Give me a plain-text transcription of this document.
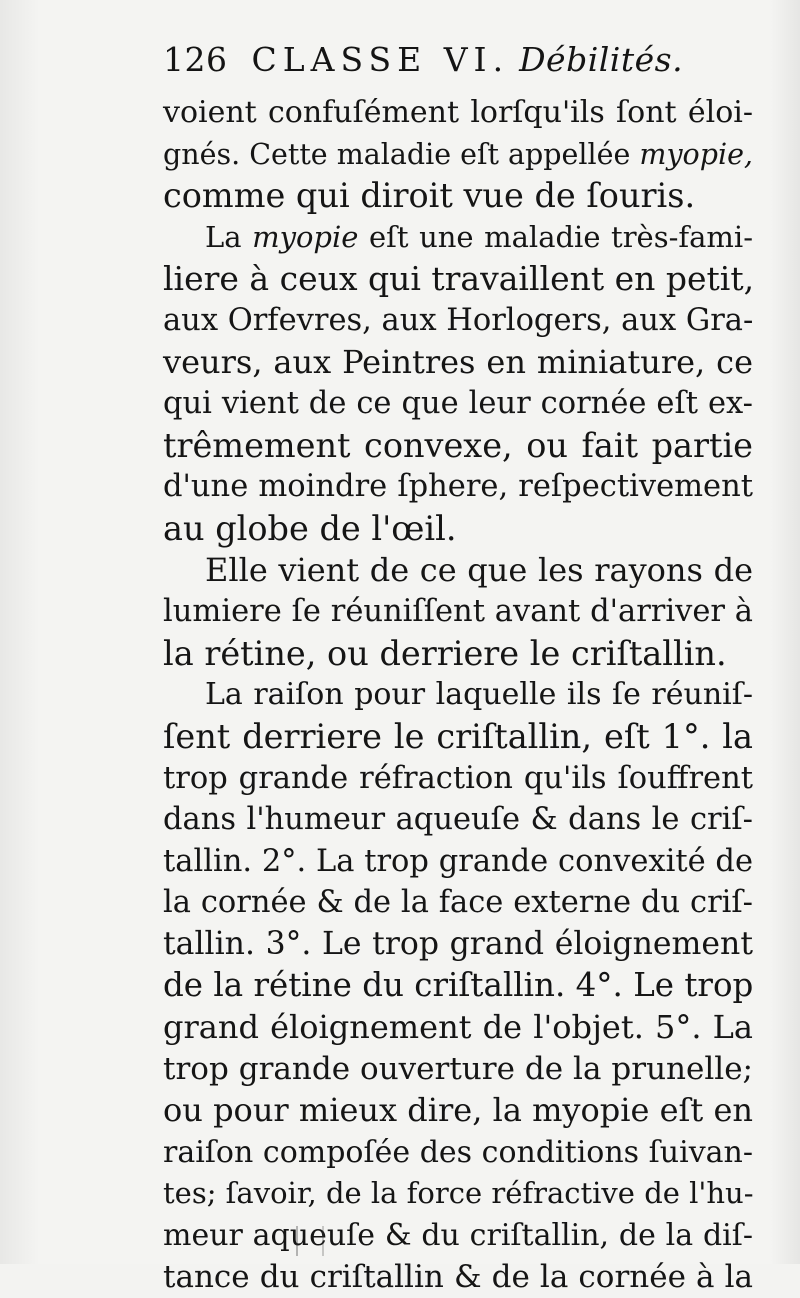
126 CLASSE VI. Débilités.
voient confuſément lorſqu'ils ſont éloi-
gnés. Cette maladie eſt appellée myopie,
comme qui diroit vue de ſouris.
La myopie eſt une maladie très-fami-
liere à ceux qui travaillent en petit,
aux Orfevres, aux Horlogers, aux Gra-
veurs, aux Peintres en miniature, ce
qui vient de ce que leur cornée eſt ex-
trêmement convexe, ou fait partie
d'une moindre ſphere, reſpectivement
au globe de l'œil.
Elle vient de ce que les rayons de
lumiere ſe réuniſſent avant d'arriver à
la rétine, ou derriere le criſtallin.
La raiſon pour laquelle ils ſe réuniſ-
ſent derriere le criſtallin, eſt 1°. la
trop grande réfraction qu'ils ſouffrent
dans l'humeur aqueuſe & dans le criſ-
tallin. 2°. La trop grande convexité de
la cornée & de la face externe du criſ-
tallin. 3°. Le trop grand éloignement
de la rétine du criſtallin. 4°. Le trop
grand éloignement de l'objet. 5°. La
trop grande ouverture de la prunelle;
ou pour mieux dire, la myopie eſt en
raiſon compoſée des conditions ſuivan-
tes; ſavoir, de la force réfractive de l'hu-
meur aqueuſe & du criſtallin, de la diſ-
tance du criſtallin & de la cornée à la
